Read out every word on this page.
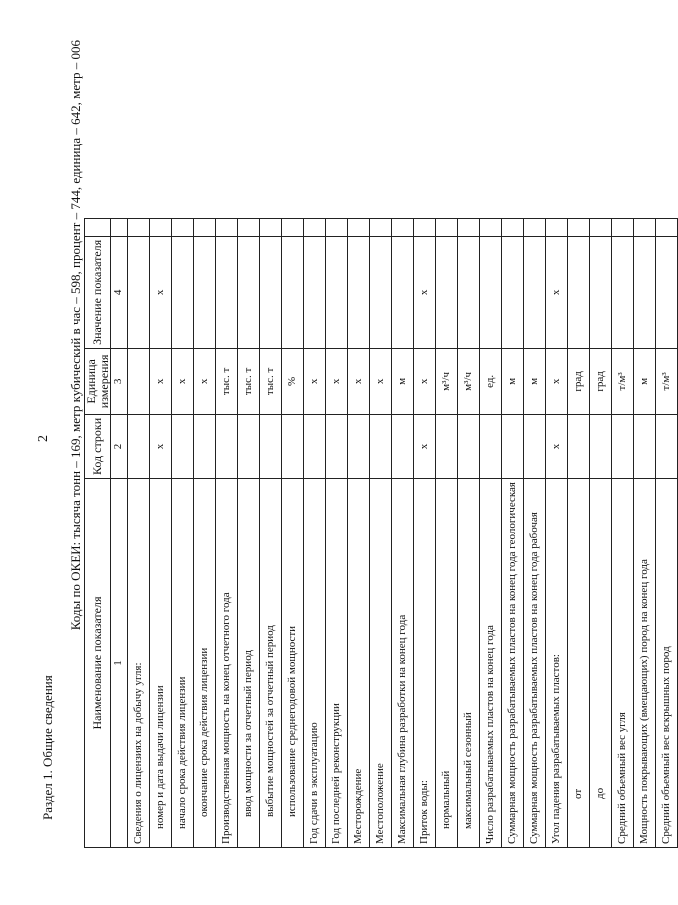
2
Раздел 1. Общие сведения
Коды по ОКЕИ: тысяча тонн – 169, метр кубический в час – 598, процент – 744, единица – 642, метр – 006
Наименование показателя	Код строки	Единица измерения	Значение показателя	
1	2	3	4	
Сведения о лицензиях на добычу угля:				
номер и дата выдачи лицензии	х	х	х	
начало срока действия лицензии		х		
окончание срока действия лицензии		х		
Производственная мощность на конец отчетного года		тыс. т		
ввод мощности за отчетный период		тыс. т		
выбытие мощностей за отчетный период		тыс. т		
использование среднегодовой мощности		%		
Год сдачи в эксплуатацию		х		
Год последней реконструкции		х		
Месторождение		х		
Местоположение		х		
Максимальная глубина разработки на конец года		м		
Приток воды:	х	х	х	
нормальный		м³/ч		
максимальный сезонный		м³/ч		
Число разрабатываемых пластов на конец года		ед.		
Суммарная мощность разрабатываемых пластов на конец года геологическая		м		
Суммарная мощность разрабатываемых пластов на конец года рабочая		м		
Угол падения разрабатываемых пластов:	х	х	х	
от		град		
до		град		
Средний объемный вес угля		т/м³		
Мощность покрывающих (вмещающих) пород на конец года		м		
Средний объемный вес вскрышных пород		т/м³		
